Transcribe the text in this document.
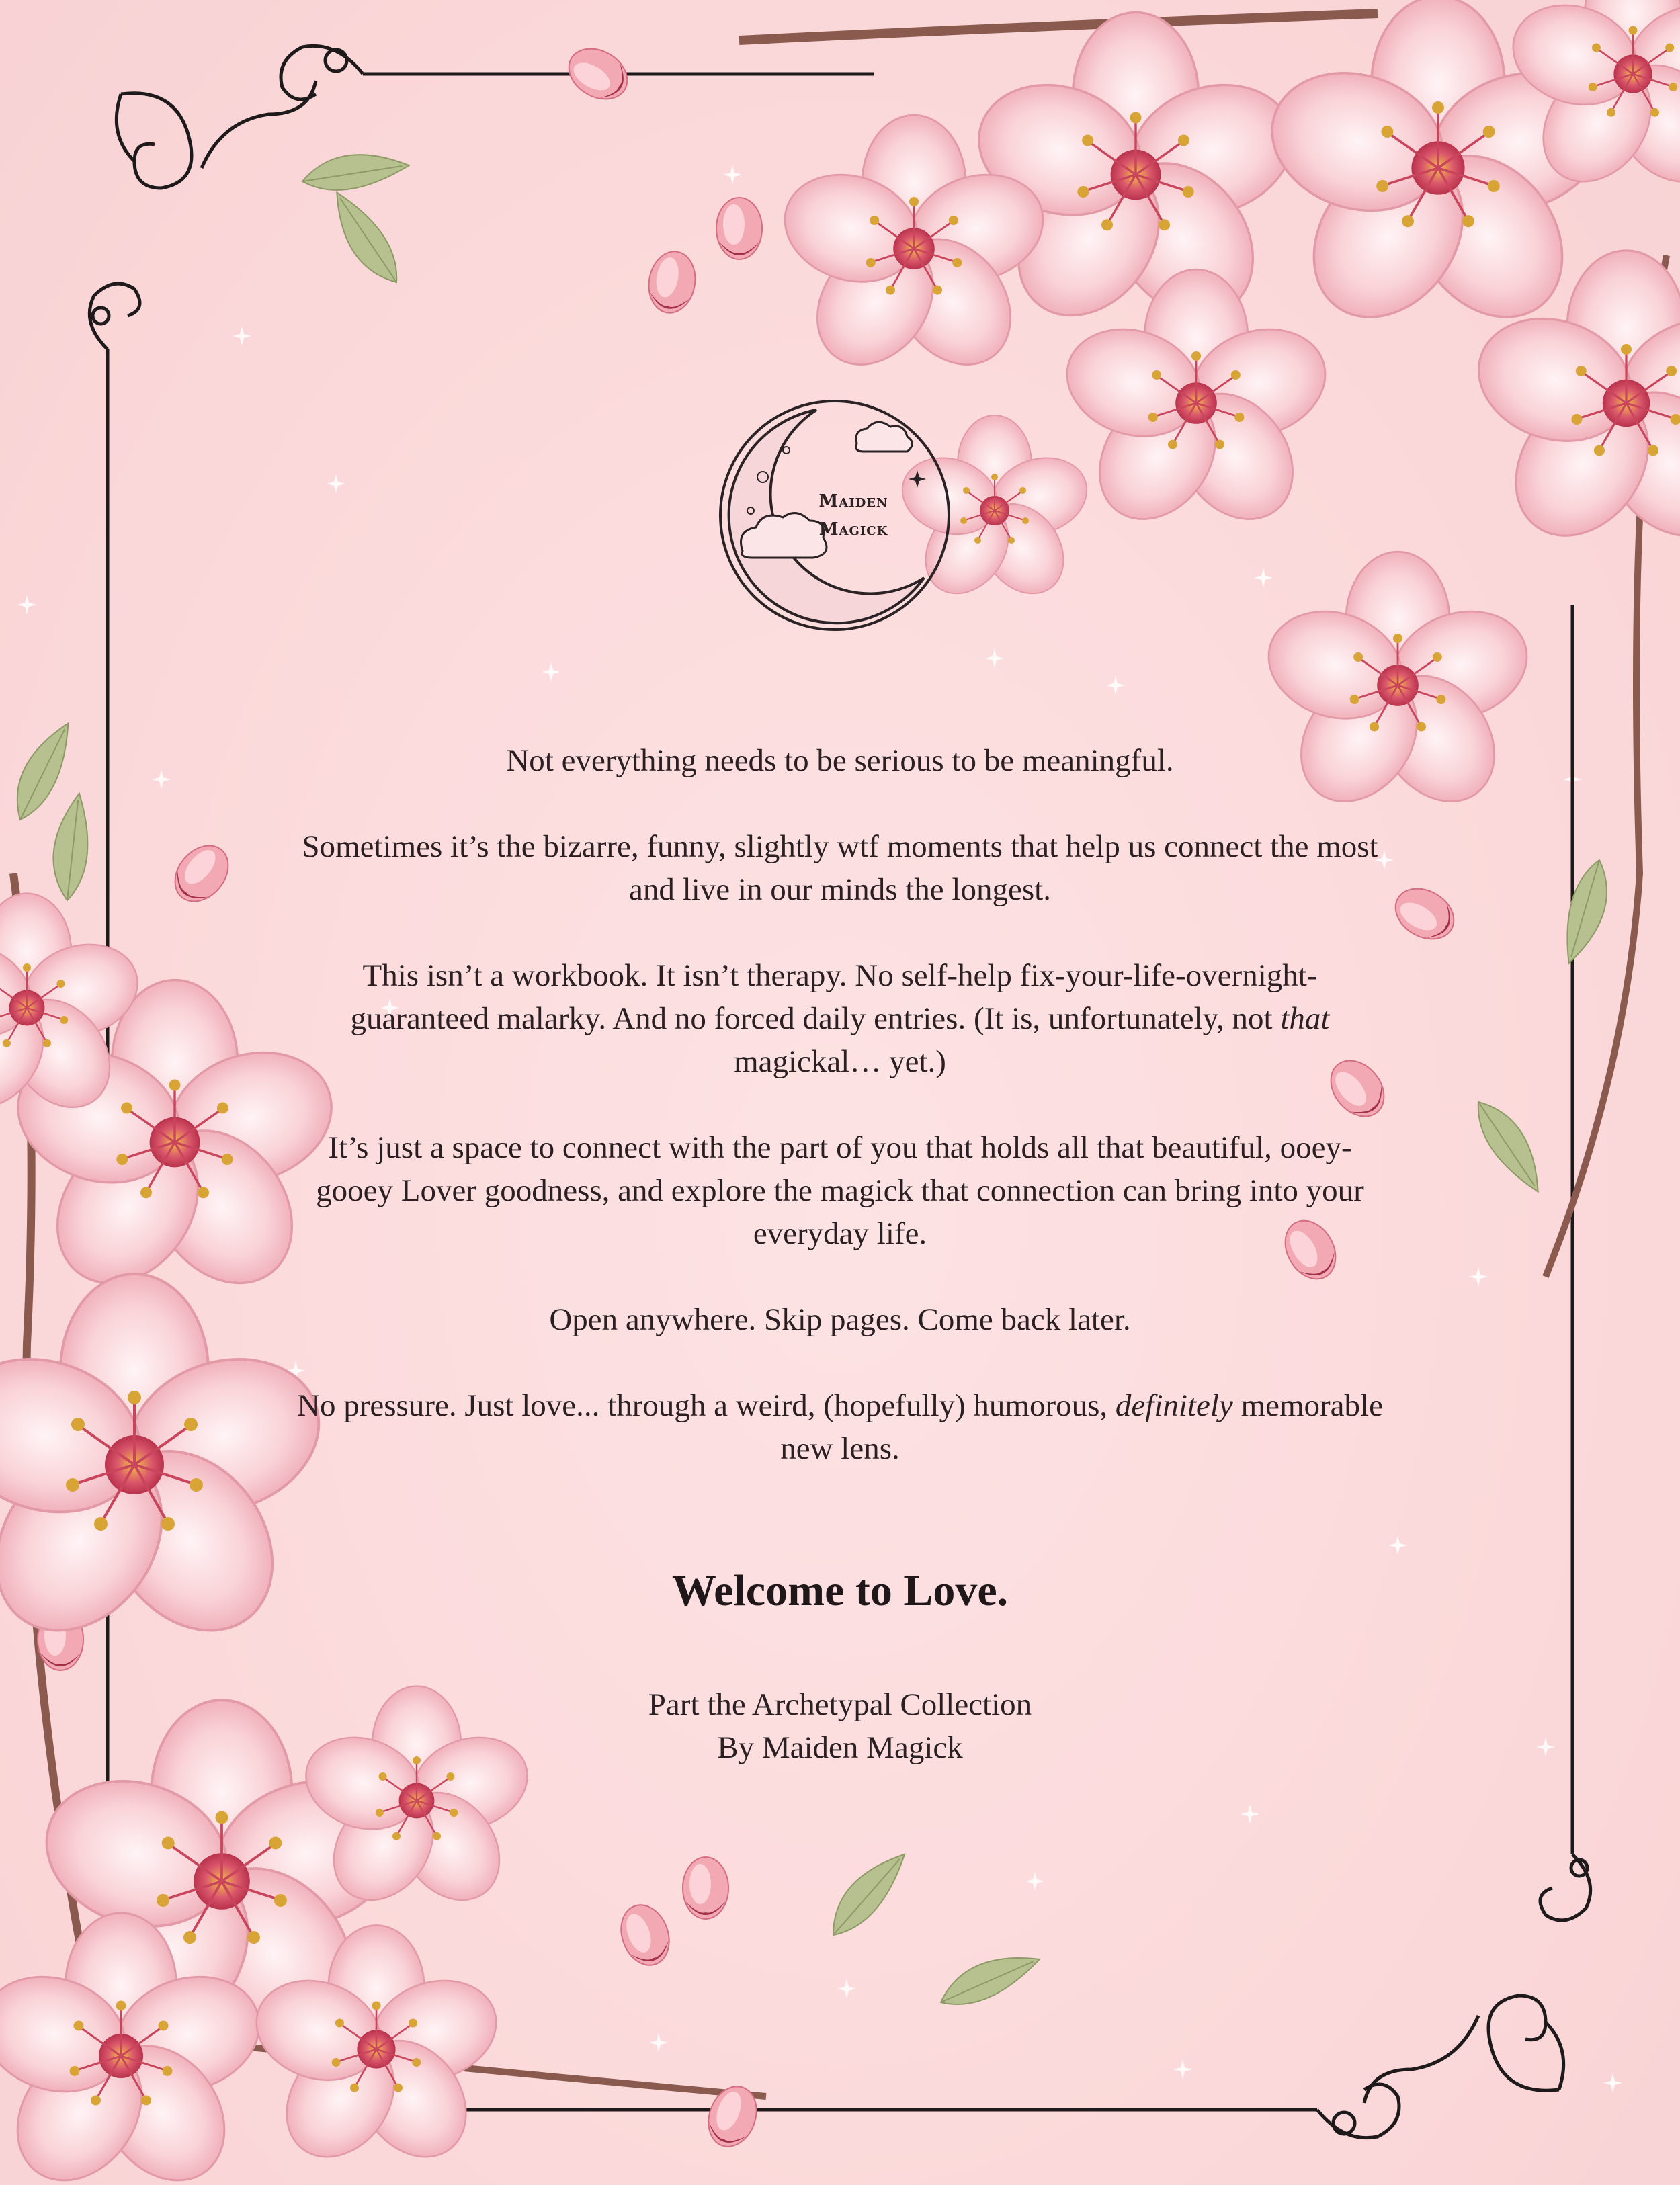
Maiden
Magick

Not everything needs to be serious to be meaningful.

Sometimes it’s the bizarre, funny, slightly wtf moments that help us connect the most and live in our minds the longest.

This isn’t a workbook. It isn’t therapy. No self-help fix-your-life-overnight-guaranteed malarky. And no forced daily entries. (It is, unfortunately, not that magickal… yet.)

It’s just a space to connect with the part of you that holds all that beautiful, ooey-gooey Lover goodness, and explore the magick that connection can bring into your everyday life.

Open anywhere. Skip pages. Come back later.

No pressure. Just love... through a weird, (hopefully) humorous, definitely memorable new lens.

Welcome to Love.
Part the Archetypal Collection
By Maiden Magick
